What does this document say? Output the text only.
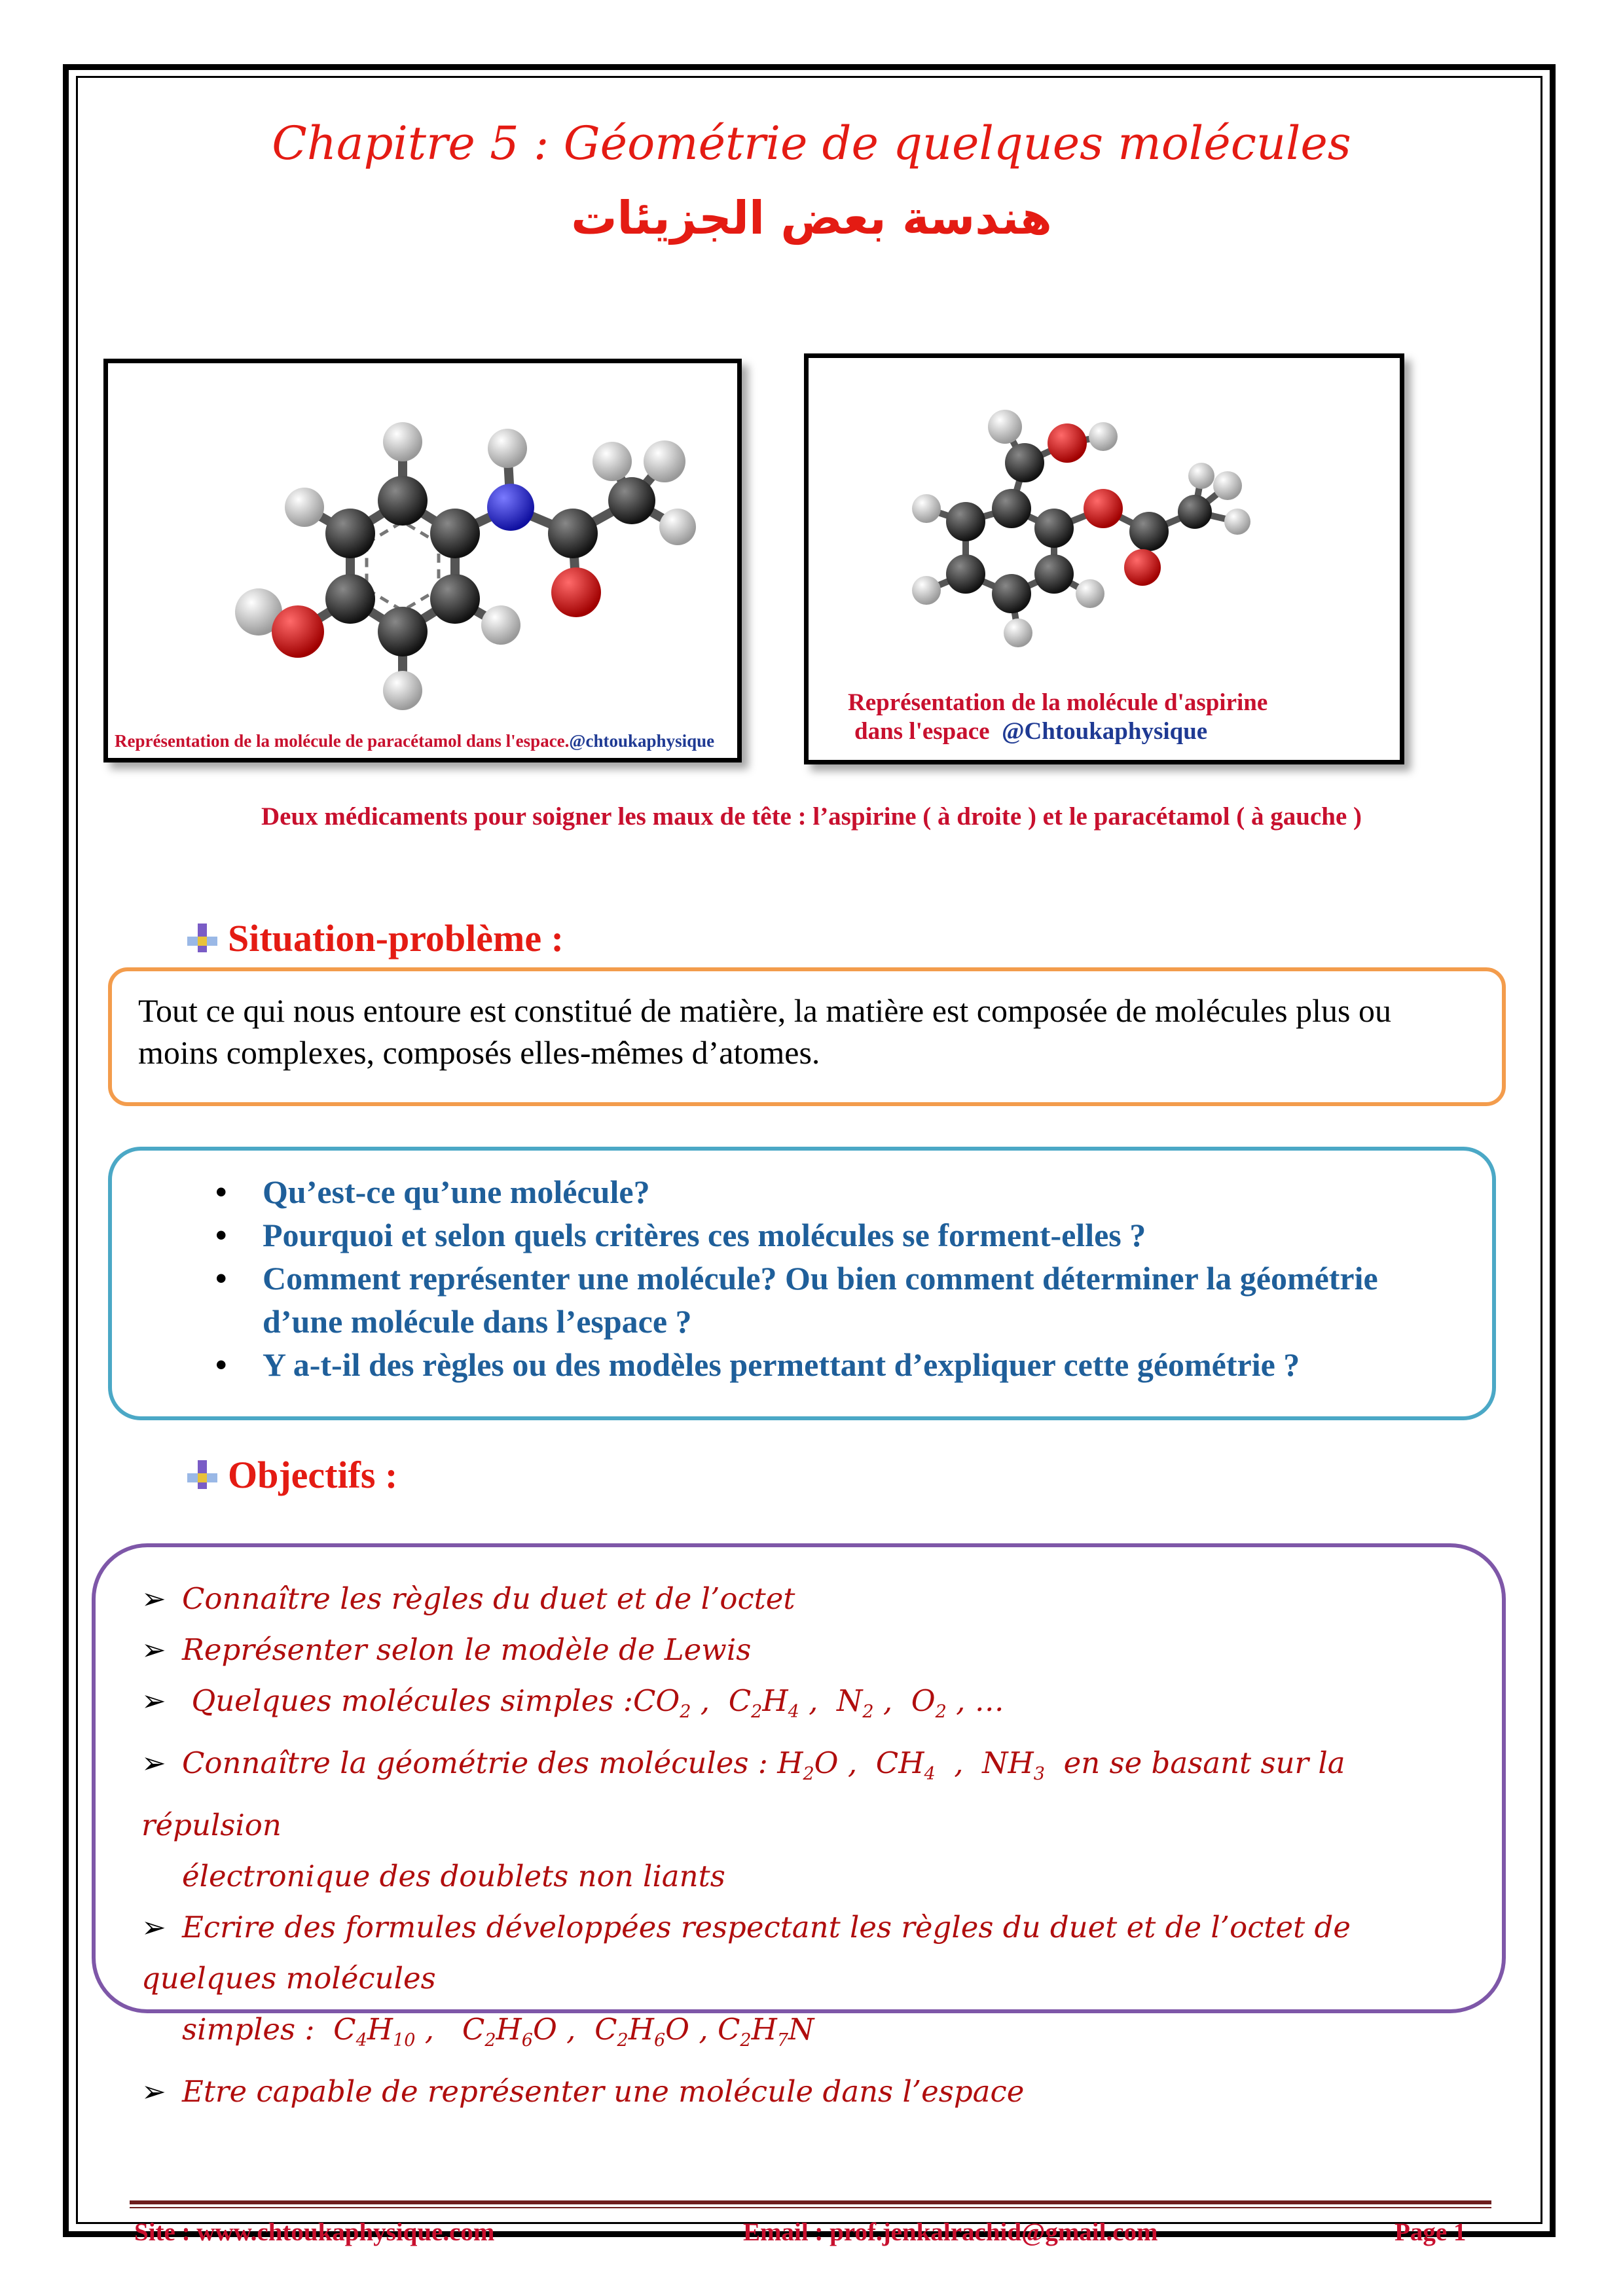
Chapitre 5 : Géométrie de quelques molécules
هندسة بعض الجزيئات
Représentation de la molécule de paracétamol dans l'espace.@chtoukaphysique
Représentation de la molécule d'aspirine
dans l'espace @Chtoukaphysique
Deux médicaments pour soigner les maux de tête : l’aspirine ( à droite ) et le paracétamol ( à gauche )
Situation-problème :
Tout ce qui nous entoure est constitué de matière, la matière est composée de molécules plus ou moins complexes, composés elles-mêmes d’atomes.
• Qu’est-ce qu’une molécule?
• Pourquoi et selon quels critères ces molécules se forment-elles ?
• Comment représenter une molécule? Ou bien comment déterminer la géométrie d’une molécule dans l’espace ?
• Y a-t-il des règles ou des modèles permettant d’expliquer cette géométrie ?
Objectifs :
➢ Connaître les règles du duet et de l’octet
➢ Représenter selon le modèle de Lewis
➢ Quelques molécules simples $:CO_2$ ,  $C_2H_4$ ,  $N_2$ ,  $O_2$ , …
➢ Connaître la géométrie des molécules : $H_2O$ ,  $CH_4$  ,  $NH_3$ en se basant sur la répulsion
électronique des doublets non liants
➢ Ecrire des formules développées respectant les règles du duet et de l’octet de quelques molécules
simples :  $C_4H_{10}$ ,   $C_2H_6O$ ,  $C_2H_6O$ , $C_2H_7N$
➢ Etre capable de représenter une molécule dans l’espace
Site : www.chtoukaphysique.com	Email : prof.jenkalrachid@gmail.com	Page 1
